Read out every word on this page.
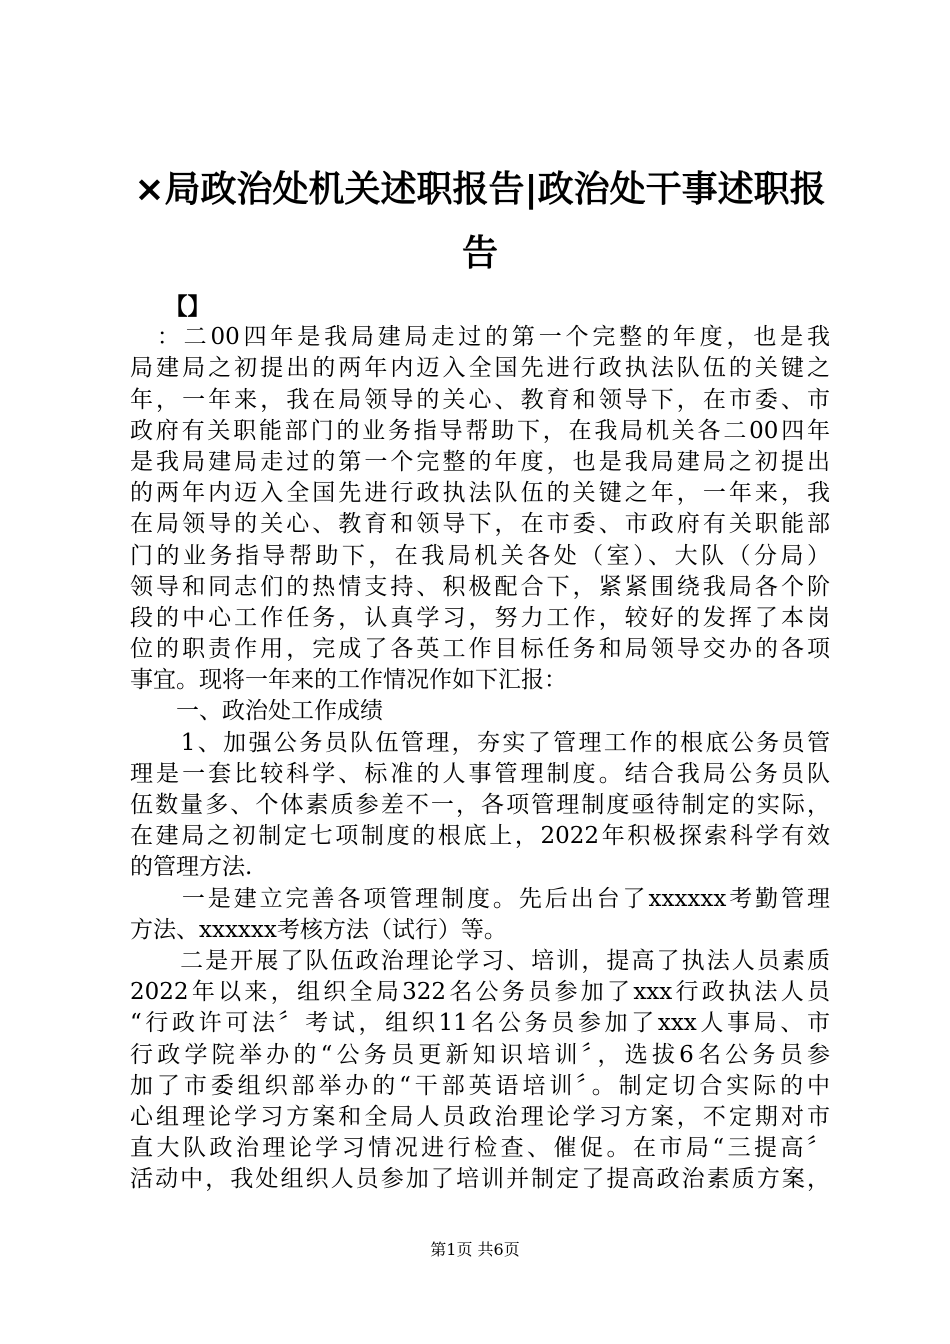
×局政治处机关述职报告|政治处干事述职报
告
　　【】
　：二00四年是我局建局走过的第一个完整的年度，也是我
局建局之初提出的两年内迈入全国先进行政执法队伍的关键之
年，一年来，我在局领导的关心、教育和领导下，在市委、市
政府有关职能部门的业务指导帮助下，在我局机关各二00四年
是我局建局走过的第一个完整的年度，也是我局建局之初提出
的两年内迈入全国先进行政执法队伍的关键之年，一年来，我
在局领导的关心、教育和领导下，在市委、市政府有关职能部
门的业务指导帮助下，在我局机关各处（室）、大队（分局）
领导和同志们的热情支持、积极配合下，紧紧围绕我局各个阶
段的中心工作任务，认真学习，努力工作，较好的发挥了本岗
位的职责作用，完成了各英工作目标任务和局领导交办的各项
事宜。现将一年来的工作情况作如下汇报：
　　一、政治处工作成绩
　　1、加强公务员队伍管理，夯实了管理工作的根底公务员管
理是一套比较科学、标准的人事管理制度。结合我局公务员队
伍数量多、个体素质参差不一，各项管理制度亟待制定的实际，
在建局之初制定七项制度的根底上，2022年积极探索科学有效
的管理方法.
　　一是建立完善各项管理制度。先后出台了xxxxxx考勤管理
方法、xxxxxx考核方法（试行）等。
　　二是开展了队伍政治理论学习、培训，提高了执法人员素质
2022年以来，组织全局322名公务员参加了xxx行政执法人员
“行政许可法〞考试，组织11名公务员参加了xxx人事局、市
行政学院举办的“公务员更新知识培训〞，选拔6名公务员参
加了市委组织部举办的“干部英语培训〞。制定切合实际的中
心组理论学习方案和全局人员政治理论学习方案，不定期对市
直大队政治理论学习情况进行检查、催促。在市局“三提高〞
活动中，我处组织人员参加了培训并制定了提高政治素质方案，
第1页 共6页
